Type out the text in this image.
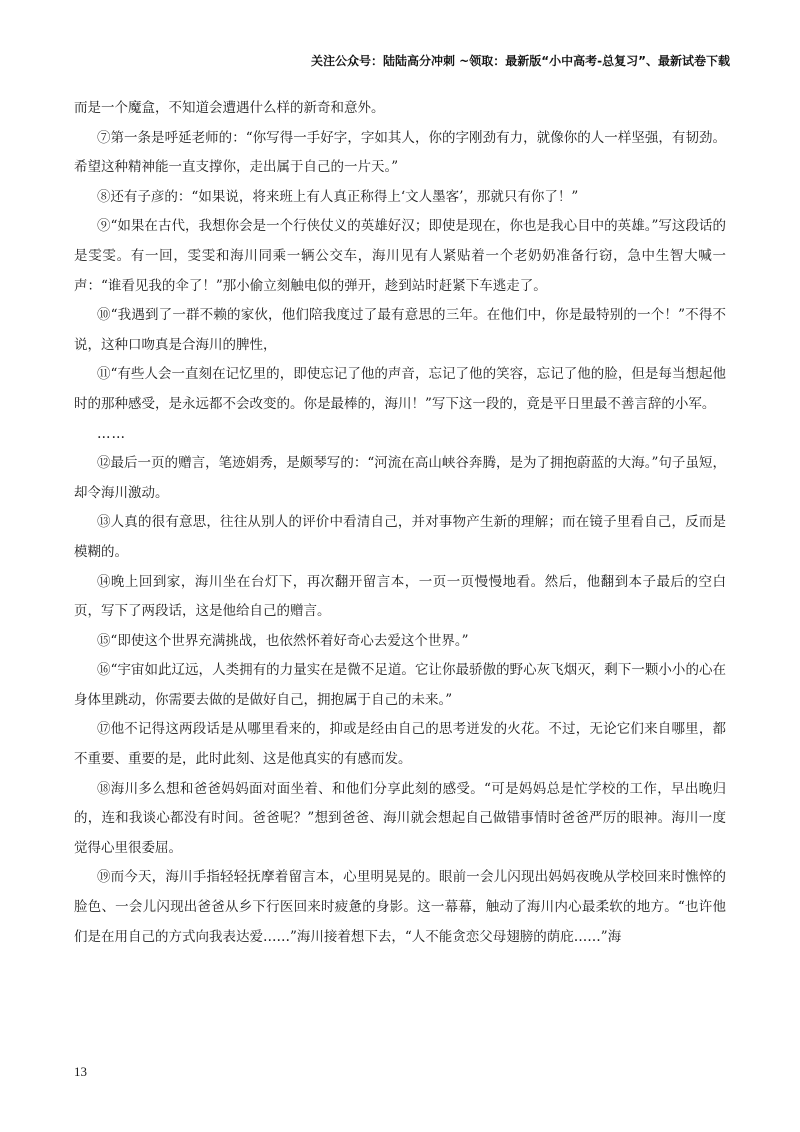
关注公众号：陆陆高分冲刺 ~领取：最新版“小中高考-总复习”、最新试卷下载

而是一个魔盒，不知道会遭遇什么样的新奇和意外。

⑦第一条是呼延老师的：“你写得一手好字，字如其人，你的字刚劲有力，就像你的人一样坚强，有韧劲。希望这种精神能一直支撑你，走出属于自己的一片天。”

⑧还有子彦的：“如果说，将来班上有人真正称得上‘文人墨客’，那就只有你了！”

⑨“如果在古代，我想你会是一个行侠仗义的英雄好汉；即使是现在，你也是我心目中的英雄。”写这段话的是雯雯。有一回，雯雯和海川同乘一辆公交车，海川见有人紧贴着一个老奶奶准备行窃，急中生智大喊一声：“谁看见我的伞了！”那小偷立刻触电似的弹开，趁到站时赶紧下车逃走了。

⑩“我遇到了一群不赖的家伙，他们陪我度过了最有意思的三年。在他们中，你是最特别的一个！”不得不说，这种口吻真是合海川的脾性，

⑪“有些人会一直刻在记忆里的，即使忘记了他的声音，忘记了他的笑容，忘记了他的脸，但是每当想起他时的那种感受，是永远都不会改变的。你是最棒的，海川！”写下这一段的，竟是平日里最不善言辞的小军。

……

⑫最后一页的赠言，笔迹娟秀，是颇琴写的：“河流在高山峡谷奔腾，是为了拥抱蔚蓝的大海。”句子虽短，却令海川激动。

⑬人真的很有意思，往往从别人的评价中看清自己，并对事物产生新的理解；而在镜子里看自己，反而是模糊的。

⑭晚上回到家，海川坐在台灯下，再次翻开留言本，一页一页慢慢地看。然后，他翻到本子最后的空白页，写下了两段话，这是他给自己的赠言。

⑮“即使这个世界充满挑战，也依然怀着好奇心去爱这个世界。”

⑯“宇宙如此辽远，人类拥有的力量实在是微不足道。它让你最骄傲的野心灰飞烟灭，剩下一颗小小的心在身体里跳动，你需要去做的是做好自己，拥抱属于自己的未来。”

⑰他不记得这两段话是从哪里看来的，抑或是经由自己的思考迸发的火花。不过，无论它们来自哪里，都不重要、重要的是，此时此刻、这是他真实的有感而发。

⑱海川多么想和爸爸妈妈面对面坐着、和他们分享此刻的感受。“可是妈妈总是忙学校的工作，早出晚归的，连和我谈心都没有时间。爸爸呢？”想到爸爸、海川就会想起自己做错事情时爸爸严厉的眼神。海川一度觉得心里很委屈。

⑲而今天，海川手指轻轻抚摩着留言本，心里明晃晃的。眼前一会儿闪现出妈妈夜晚从学校回来时憔悴的脸色、一会儿闪现出爸爸从乡下行医回来时疲惫的身影。这一幕幕，触动了海川内心最柔软的地方。“也许他们是在用自己的方式向我表达爱……”海川接着想下去，“人不能贪恋父母翅膀的荫庇……”海

13
